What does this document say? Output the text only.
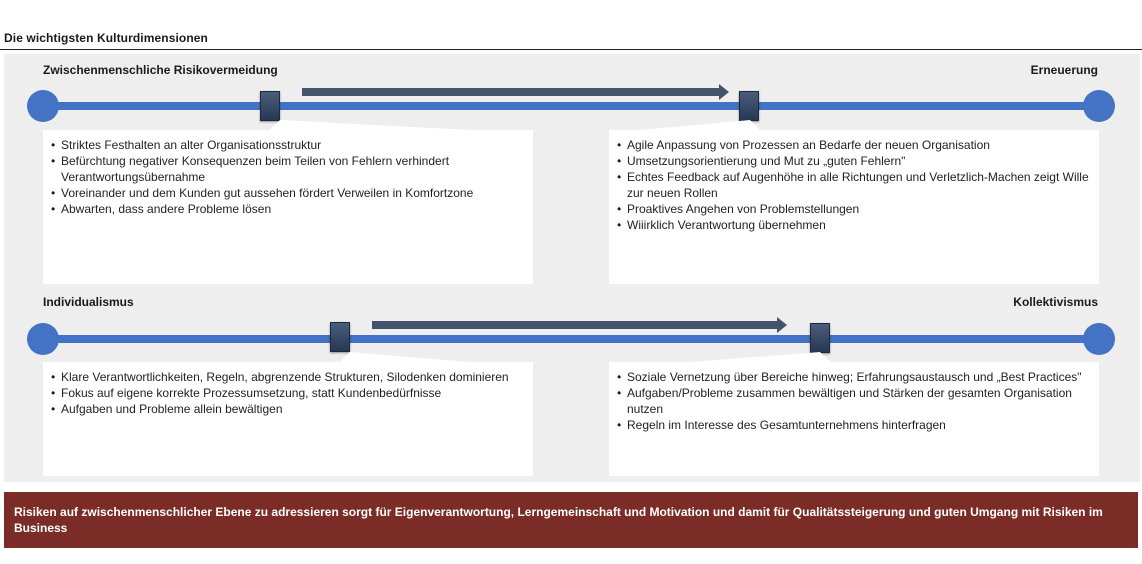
Die wichtigsten Kulturdimensionen
Zwischenmenschliche Risikovermeidung	Erneuerung
• Striktes Festhalten an alter Organisationsstruktur
• Befürchtung negativer Konsequenzen beim Teilen von Fehlern verhindert Verantwortungsübernahme
• Voreinander und dem Kunden gut aussehen fördert Verweilen in Komfortzone
• Abwarten, dass andere Probleme lösen
• Agile Anpassung von Prozessen an Bedarfe der neuen Organisation
• Umsetzungsorientierung und Mut zu „guten Fehlern"
• Echtes Feedback auf Augenhöhe in alle Richtungen und Verletzlich-Machen zeigt Wille zur neuen Rollen
• Proaktives Angehen von Problemstellungen
• Wiiirklich Verantwortung übernehmen
Individualismus	Kollektivismus
• Klare Verantwortlichkeiten, Regeln, abgrenzende Strukturen, Silodenken dominieren
• Fokus auf eigene korrekte Prozessumsetzung, statt Kundenbedürfnisse
• Aufgaben und Probleme allein bewältigen
• Soziale Vernetzung über Bereiche hinweg; Erfahrungsaustausch und „Best Practices"
• Aufgaben/Probleme zusammen bewältigen und Stärken der gesamten Organisation nutzen
• Regeln im Interesse des Gesamtunternehmens hinterfragen
Risiken auf zwischenmenschlicher Ebene zu adressieren sorgt für Eigenverantwortung, Lerngemeinschaft und Motivation und damit für Qualitätssteigerung und guten Umgang mit Risiken im Business
